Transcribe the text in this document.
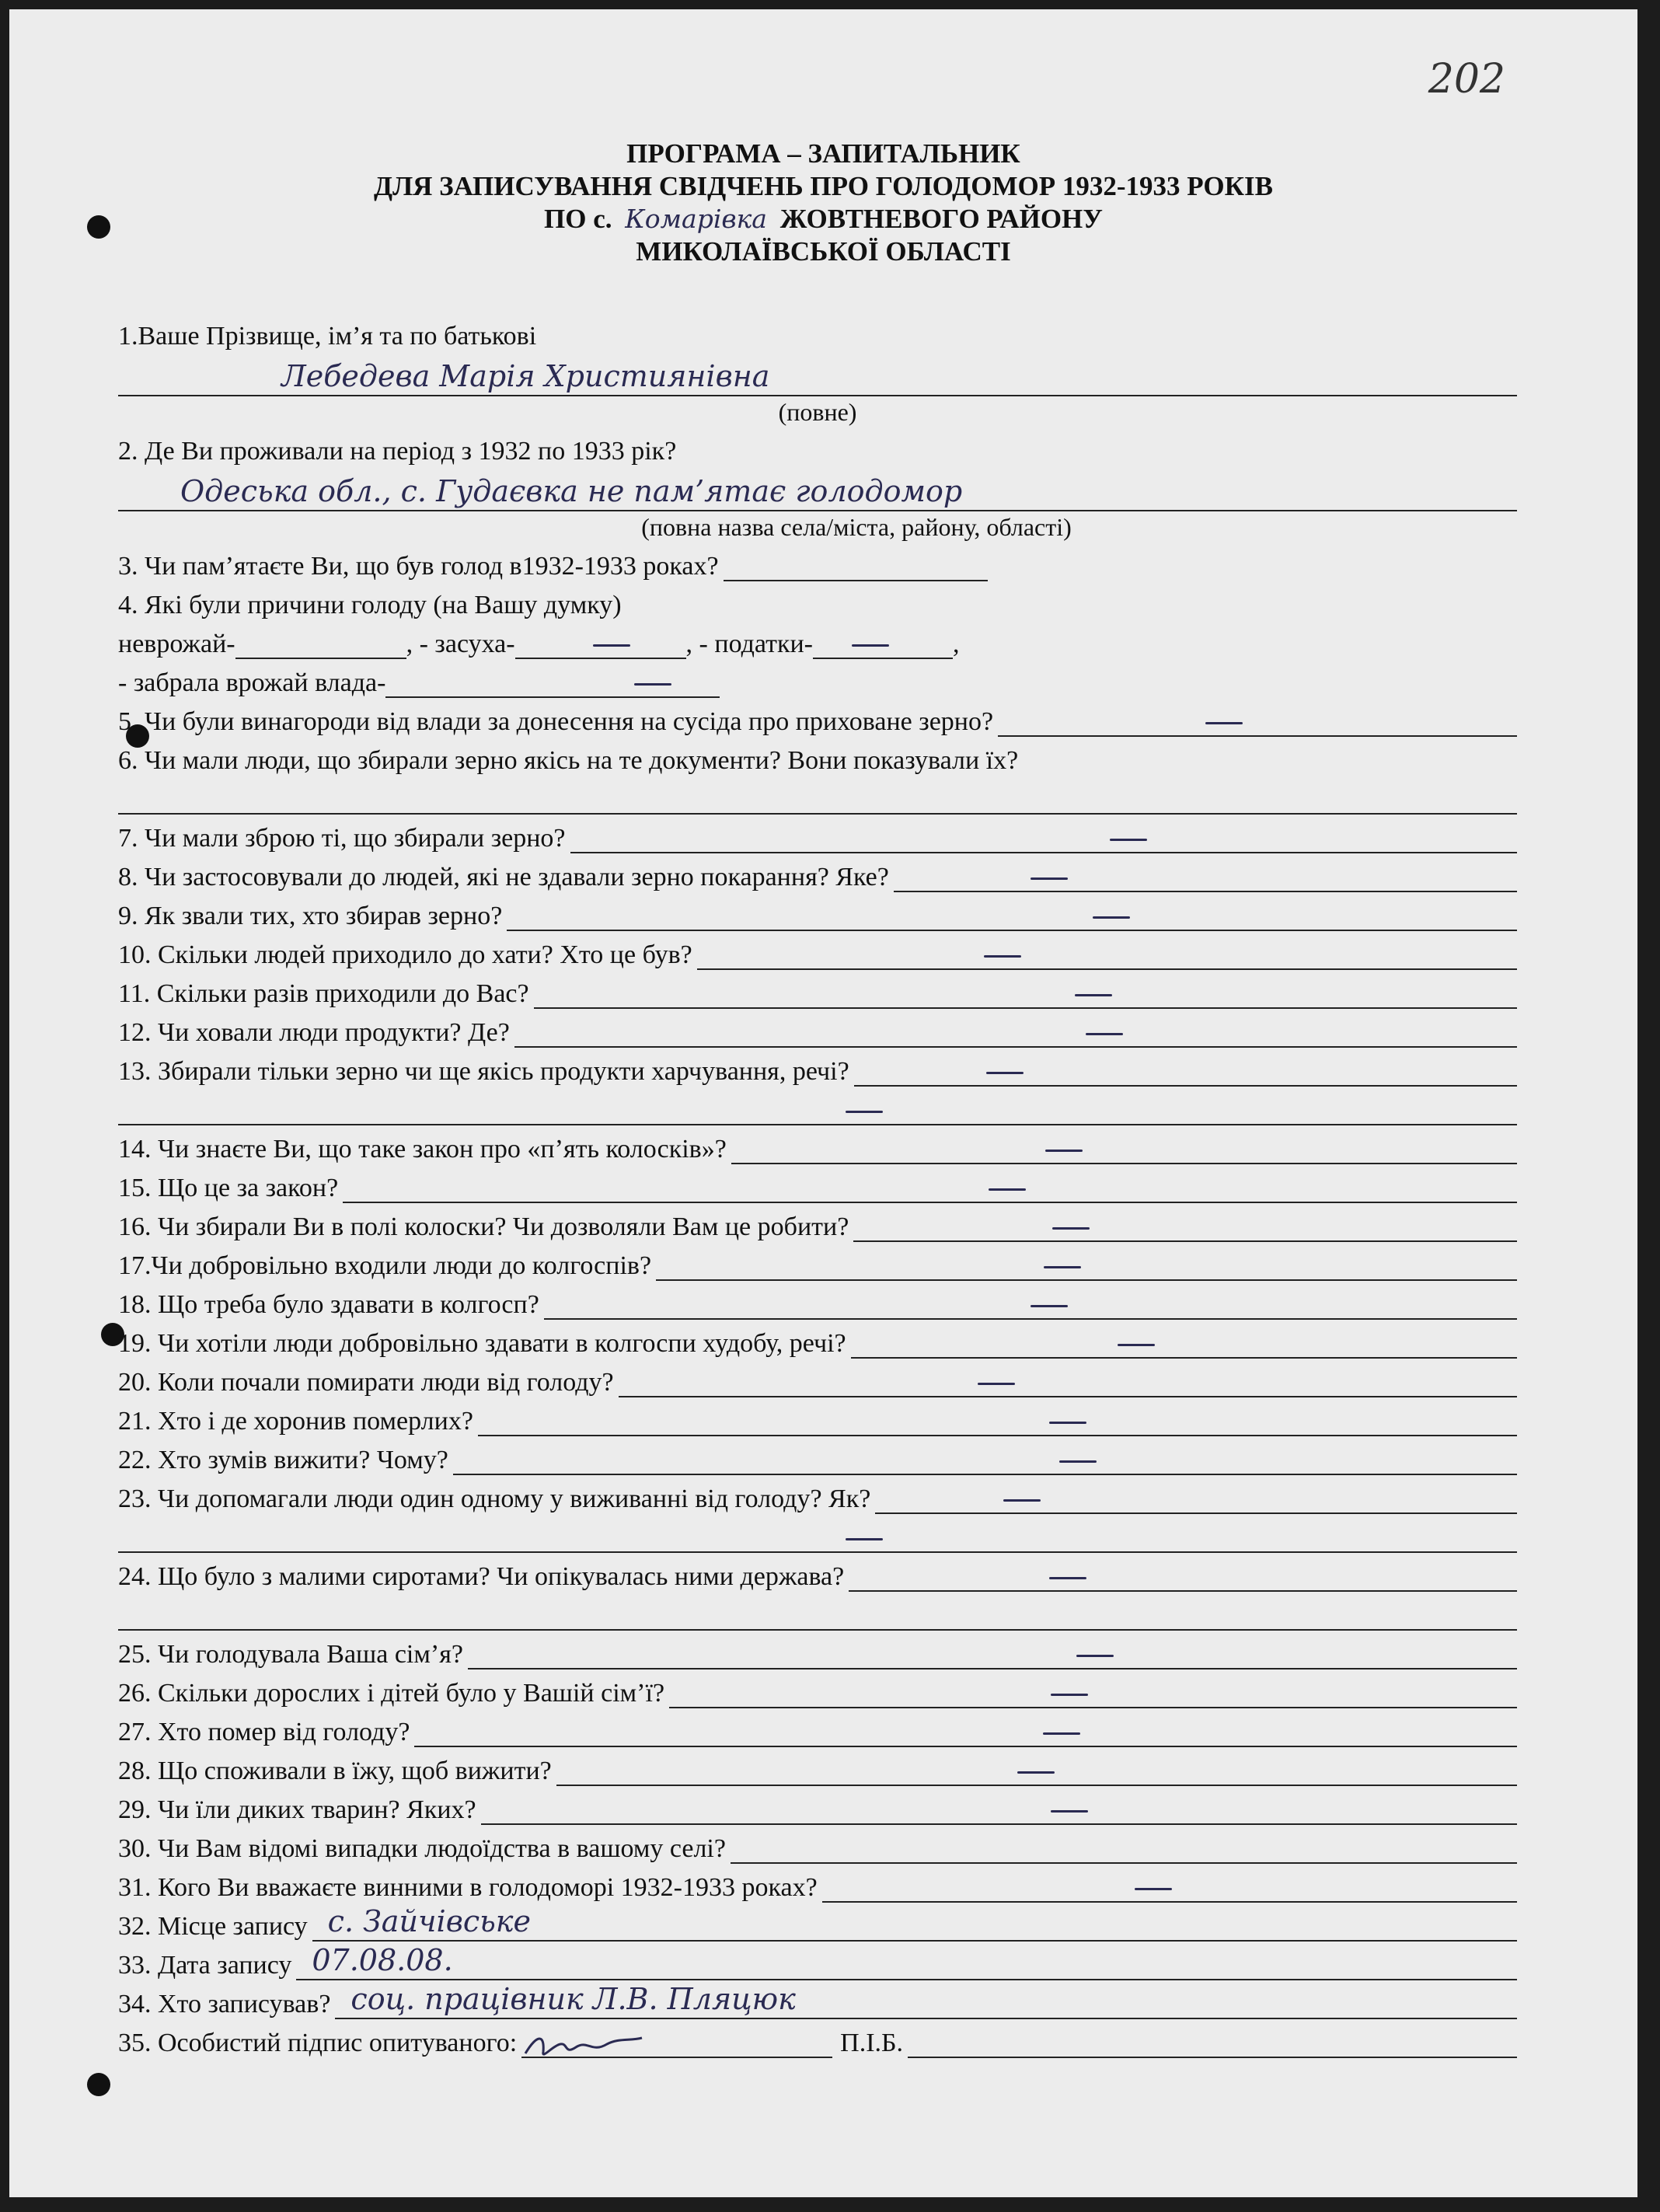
202
ПРОГРАМА – ЗАПИТАЛЬНИК
ДЛЯ ЗАПИСУВАННЯ СВІДЧЕНЬ ПРО ГОЛОДОМОР 1932-1933 РОКІВ
ПО с. Комарівка ЖОВТНЕВОГО РАЙОНУ
МИКОЛАЇВСЬКОЇ ОБЛАСТІ
1.Ваше Прізвище, ім’я та по батькові
Лебедева Марія Християнівна
(повне)
2. Де Ви проживали на період з 1932 по 1933 рік?
Одеська обл., с. Гудаєвка не пам’ятає голодомор
(повна назва села/міста, району, області)
3. Чи пам’ятаєте Ви, що був голод в1932-1933 роках?
4. Які були причини голоду (на Вашу думку)
неврожай-	, - засуха-	, - податки-	,
- забрала врожай влада-
5. Чи були винагороди від влади за донесення на сусіда про приховане зерно?
6. Чи мали люди, що збирали зерно якісь на те документи? Вони показували їх?
7. Чи мали зброю ті, що збирали зерно?
8. Чи застосовували до людей, які не здавали зерно покарання? Яке?
9. Як звали тих, хто збирав зерно?
10. Скільки людей приходило до хати? Хто це був?
11. Скільки разів приходили до Вас?
12. Чи ховали люди продукти? Де?
13. Збирали тільки зерно чи ще якісь продукти харчування, речі?
14. Чи знаєте Ви, що таке закон про «п’ять колосків»?
15. Що це за закон?
16. Чи збирали Ви в полі колоски? Чи дозволяли Вам це робити?
17.Чи добровільно входили люди до колгоспів?
18. Що треба було здавати в колгосп?
19. Чи хотіли люди добровільно здавати в колгоспи худобу, речі?
20. Коли почали помирати люди від голоду?
21. Хто і де хоронив померлих?
22. Хто зумів вижити? Чому?
23. Чи допомагали люди один одному у виживанні від голоду? Як?
24. Що було з малими сиротами? Чи опікувалась ними держава?
25. Чи голодувала Ваша сім’я?
26. Скільки дорослих і дітей було у Вашій сім’ї?
27. Хто помер від голоду?
28. Що споживали в їжу, щоб вижити?
29. Чи їли диких тварин? Яких?
30. Чи Вам відомі випадки людоїдства в вашому селі?
31. Кого Ви вважаєте винними в голодоморі 1932-1933 роках?
32. Місце запису с. Зайчівське
33. Дата запису 07.08.08.
34. Хто записував? соц. працівник Л.В. Пляцюк
35. Особистий підпис опитуваного:	П.І.Б.
